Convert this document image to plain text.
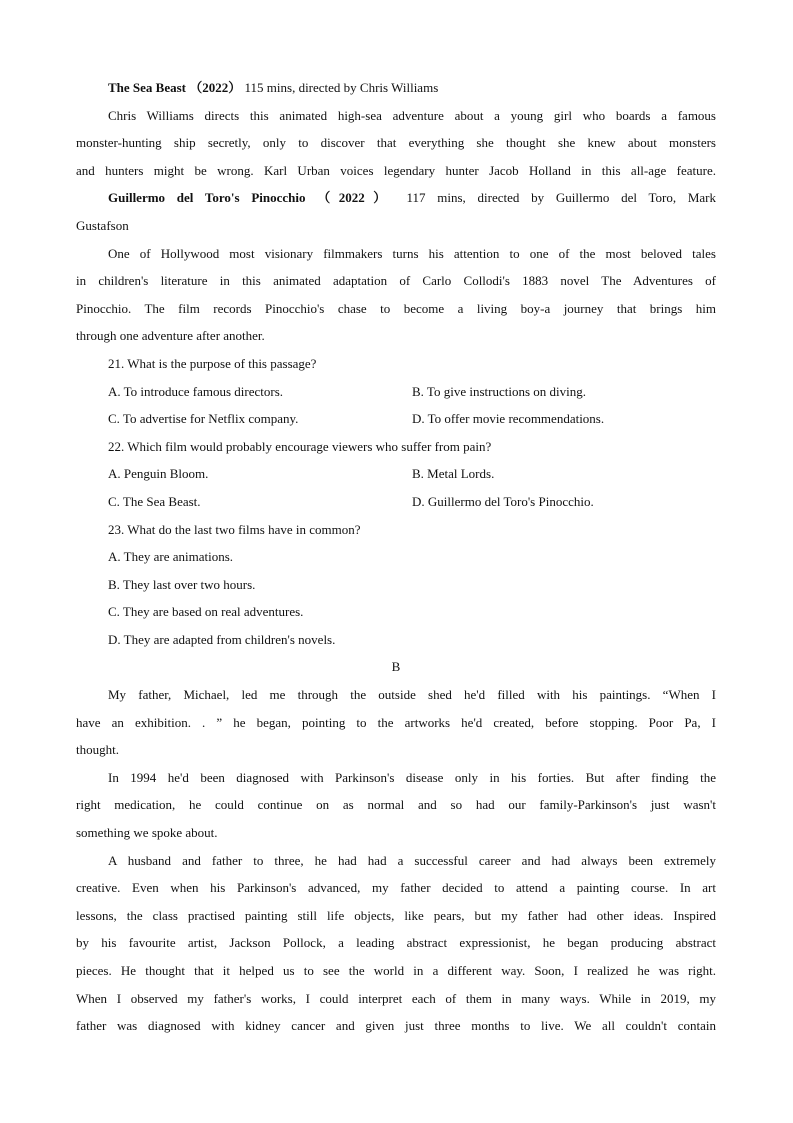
The Sea Beast （2022） 115 mins, directed by Chris Williams
Chris Williams directs this animated high-sea adventure about a young girl who boards a famous
monster-hunting ship secretly, only to discover that everything she thought she knew about monsters
and hunters might be wrong. Karl Urban voices legendary hunter Jacob Holland in this all-age feature.
Guillermo del Toro's Pinocchio （2022） 117 mins, directed by Guillermo del Toro, Mark
Gustafson
One of Hollywood most visionary filmmakers turns his attention to one of the most beloved tales
in children's literature in this animated adaptation of Carlo Collodi's 1883 novel The Adventures of
Pinocchio. The film records Pinocchio's chase to become a living boy-a journey that brings him
through one adventure after another.
21. What is the purpose of this passage?
A. To introduce famous directors.	B. To give instructions on diving.
C. To advertise for Netflix company.	D. To offer movie recommendations.
22. Which film would probably encourage viewers who suffer from pain?
A. Penguin Bloom.	B. Metal Lords.
C. The Sea Beast.	D. Guillermo del Toro's Pinocchio.
23. What do the last two films have in common?
A. They are animations.
B. They last over two hours.
C. They are based on real adventures.
D. They are adapted from children's novels.
B
My father, Michael, led me through the outside shed he'd filled with his paintings. “When I
have an exhibition. . ” he began, pointing to the artworks he'd created, before stopping. Poor Pa, I
thought.
In 1994 he'd been diagnosed with Parkinson's disease only in his forties. But after finding the
right medication, he could continue on as normal and so had our family-Parkinson's just wasn't
something we spoke about.
A husband and father to three, he had had a successful career and had always been extremely
creative. Even when his Parkinson's advanced, my father decided to attend a painting course. In art
lessons, the class practised painting still life objects, like pears, but my father had other ideas. Inspired
by his favourite artist, Jackson Pollock, a leading abstract expressionist, he began producing abstract
pieces. He thought that it helped us to see the world in a different way. Soon, I realized he was right.
When I observed my father's works, I could interpret each of them in many ways. While in 2019, my
father was diagnosed with kidney cancer and given just three months to live. We all couldn't contain
